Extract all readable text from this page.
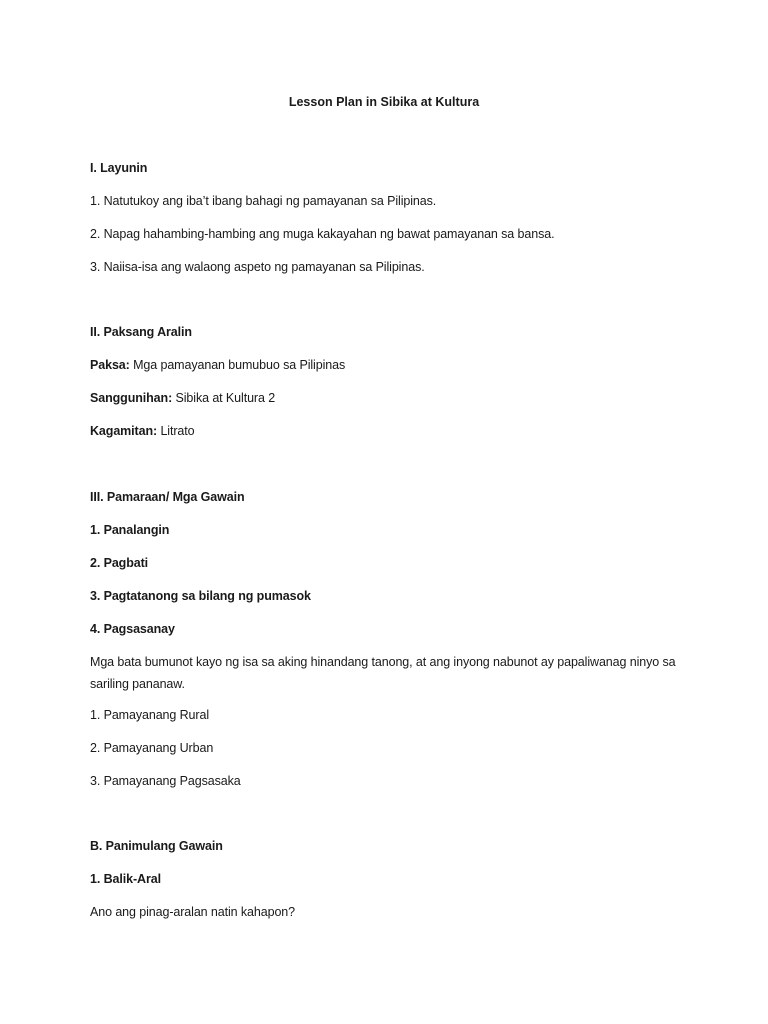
Lesson Plan in Sibika at Kultura
I. Layunin
1. Natutukoy ang iba’t ibang bahagi ng pamayanan sa Pilipinas.
2. Napag hahambing-hambing ang muga kakayahan ng bawat pamayanan sa bansa.
3. Naiisa-isa ang walaong aspeto ng pamayanan sa Pilipinas.
II. Paksang Aralin
Paksa: Mga pamayanan bumubuo sa Pilipinas
Sanggunihan: Sibika at Kultura 2
Kagamitan: Litrato
III. Pamaraan/ Mga Gawain
1. Panalangin
2. Pagbati
3. Pagtatanong sa bilang ng pumasok
4. Pagsasanay
Mga bata bumunot kayo ng isa sa aking hinandang tanong, at ang inyong nabunot ay papaliwanag ninyo sa sariling pananaw.
1. Pamayanang Rural
2. Pamayanang Urban
3. Pamayanang Pagsasaka
B. Panimulang Gawain
1. Balik-Aral
Ano ang pinag-aralan natin kahapon?
